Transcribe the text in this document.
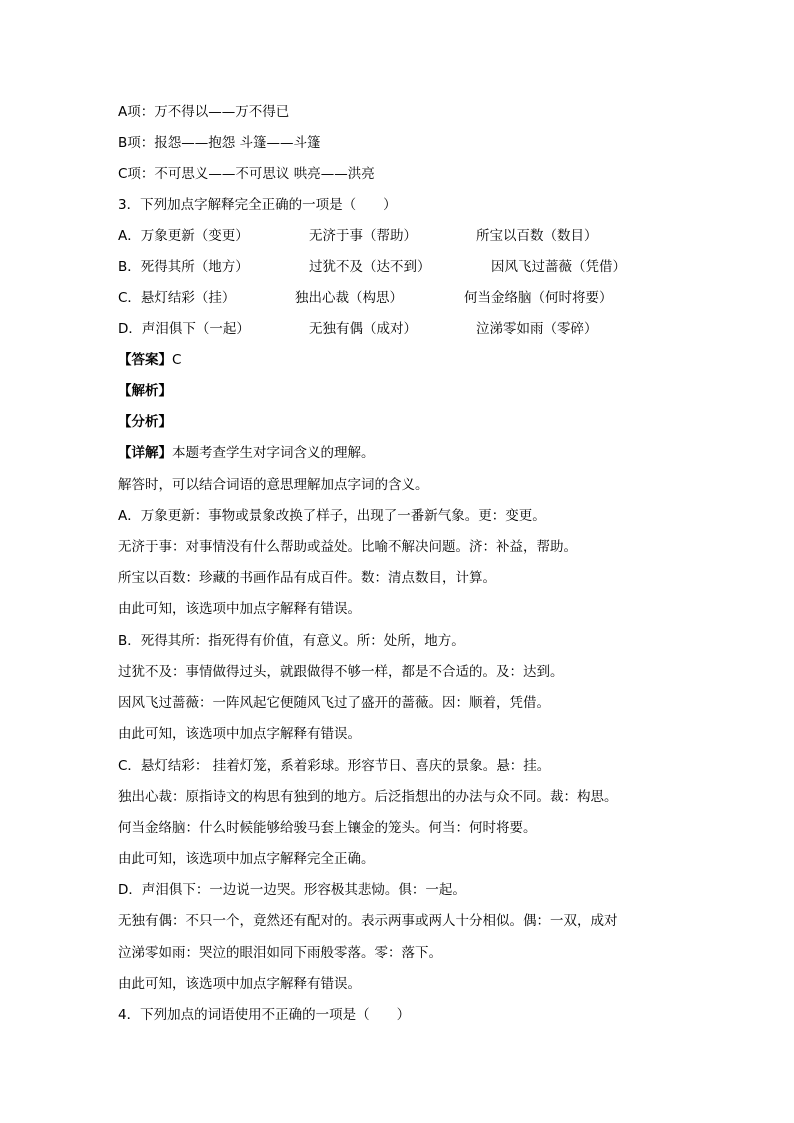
A项：万不得以——万不得已
B项：报怨——抱怨 斗篷——斗篷
C项：不可思义——不可思议 哄亮——洪亮
3．下列加点字解释完全正确的一项是（　　）
A．万象更新（变更）	无济于事（帮助）	所宝以百数（数目）
B．死得其所（地方）	过犹不及（达不到）	因风飞过蔷薇（凭借）
C．悬灯结彩（挂）	独出心裁（构思）	何当金络脑（何时将要）
D．声泪俱下（一起）	无独有偶（成对）	泣涕零如雨（零碎）
【答案】C
【解析】
【分析】
【详解】本题考查学生对字词含义的理解。
解答时，可以结合词语的意思理解加点字词的含义。
A．万象更新：事物或景象改换了样子，出现了一番新气象。更：变更。
无济于事：对事情没有什么帮助或益处。比喻不解决问题。济：补益，帮助。
所宝以百数：珍藏的书画作品有成百件。数：清点数目，计算。
由此可知，该选项中加点字解释有错误。
B．死得其所：指死得有价值，有意义。所：处所，地方。
过犹不及：事情做得过头，就跟做得不够一样，都是不合适的。及：达到。
因风飞过蔷薇：一阵风起它便随风飞过了盛开的蔷薇。因：顺着，凭借。
由此可知，该选项中加点字解释有错误。
C．悬灯结彩： 挂着灯笼，系着彩球。形容节日、喜庆的景象。悬：挂。
独出心裁：原指诗文的构思有独到的地方。后泛指想出的办法与众不同。裁：构思。
何当金络脑：什么时候能够给骏马套上镶金的笼头。何当：何时将要。
由此可知，该选项中加点字解释完全正确。
D．声泪俱下：一边说一边哭。形容极其悲恸。俱：一起。
无独有偶：不只一个，竟然还有配对的。表示两事或两人十分相似。偶：一双，成对
泣涕零如雨：哭泣的眼泪如同下雨般零落。零：落下。
由此可知，该选项中加点字解释有错误。
4．下列加点的词语使用不正确的一项是（　　）
